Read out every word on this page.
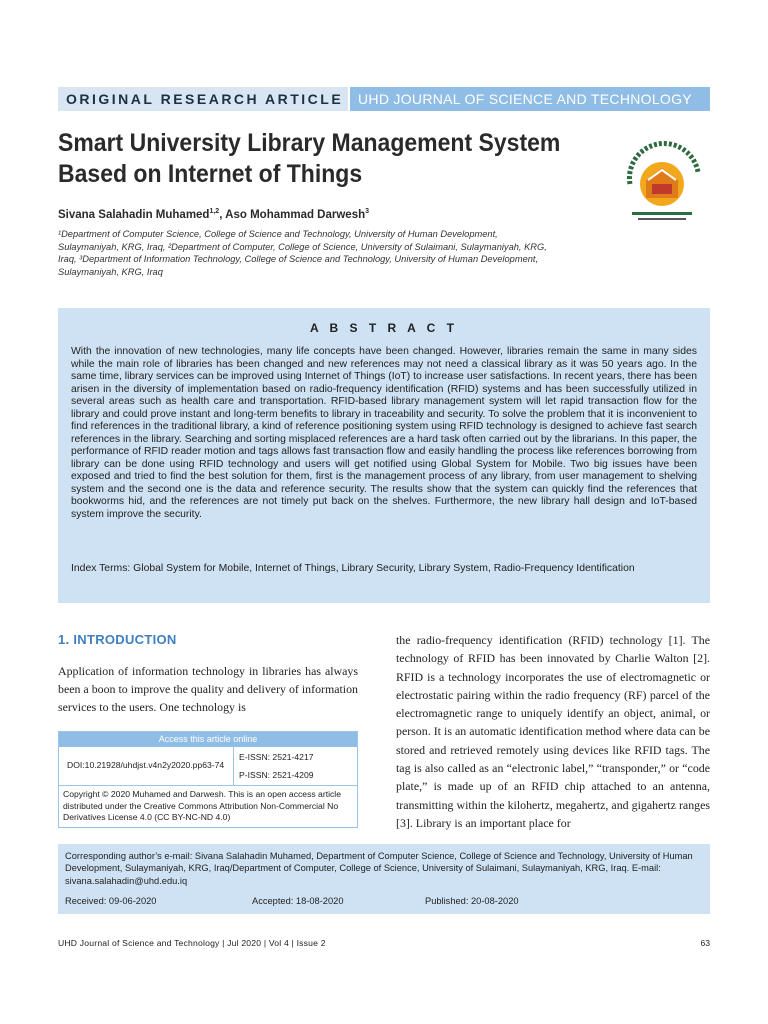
ORIGINAL RESEARCH ARTICLE	UHD JOURNAL OF SCIENCE AND TECHNOLOGY
Smart University Library Management System
Based on Internet of Things
Sivana Salahadin Muhamed$^{1,2}$, Aso Mohammad Darwesh$^3$
¹Department of Computer Science, College of Science and Technology, University of Human Development,
Sulaymaniyah, KRG, Iraq, ²Department of Computer, College of Science, University of Sulaimani, Sulaymaniyah, KRG,
Iraq, ³Department of Information Technology, College of Science and Technology, University of Human Development,
Sulaymaniyah, KRG, Iraq
A B S T R A C T
With the innovation of new technologies, many life concepts have been changed. However, libraries remain the same in many sides while the main role of libraries has been changed and new references may not need a classical library as it was 50 years ago. In the same time, library services can be improved using Internet of Things (IoT) to increase user satisfactions. In recent years, there has been arisen in the diversity of implementation based on radio-frequency identification (RFID) systems and has been successfully utilized in several areas such as health care and transportation. RFID-based library management system will let rapid transaction flow for the library and could prove instant and long-term benefits to library in traceability and security. To solve the problem that it is inconvenient to find references in the traditional library, a kind of reference positioning system using RFID technology is designed to achieve fast search references in the library. Searching and sorting misplaced references are a hard task often carried out by the librarians. In this paper, the performance of RFID reader motion and tags allows fast transaction flow and easily handling the process like references borrowing from library can be done using RFID technology and users will get notified using Global System for Mobile. Two big issues have been exposed and tried to find the best solution for them, first is the management process of any library, from user management to shelving system and the second one is the data and reference security. The results show that the system can quickly find the references that bookworms hid, and the references are not timely put back on the shelves. Furthermore, the new library hall design and IoT-based system improve the security.
Index Terms: Global System for Mobile, Internet of Things, Library Security, Library System, Radio-Frequency Identification
1. INTRODUCTION
Application of information technology in libraries has always been a boon to improve the quality and delivery of information services to the users. One technology is
Access this article online
DOI:10.21928/uhdjst.v4n2y2020.pp63-74
E-ISSN: 2521-4217
P-ISSN: 2521-4209
Copyright © 2020 Muhamed and Darwesh. This is an open access article distributed under the Creative Commons Attribution Non-Commercial No Derivatives License 4.0 (CC BY-NC-ND 4.0)
the radio-frequency identification (RFID) technology [1]. The technology of RFID has been innovated by Charlie Walton [2]. RFID is a technology incorporates the use of electromagnetic or electrostatic pairing within the radio frequency (RF) parcel of the electromagnetic range to uniquely identify an object, animal, or person. It is an automatic identification method where data can be stored and retrieved remotely using devices like RFID tags. The tag is also called as an “electronic label,” “transponder,” or “code plate,” is made up of an RFID chip attached to an antenna, transmitting within the kilohertz, megahertz, and gigahertz ranges [3]. Library is an important place for
Corresponding author’s e-mail: Sivana Salahadin Muhamed, Department of Computer Science, College of Science and Technology, University of Human Development, Sulaymaniyah, KRG, Iraq/Department of Computer, College of Science, University of Sulaimani, Sulaymaniyah, KRG, Iraq. E-mail: sivana.salahadin@uhd.edu.iq
Received: 09-06-2020	Accepted: 18-08-2020	Published: 20-08-2020
UHD Journal of Science and Technology | Jul 2020 | Vol 4 | Issue 2	63
